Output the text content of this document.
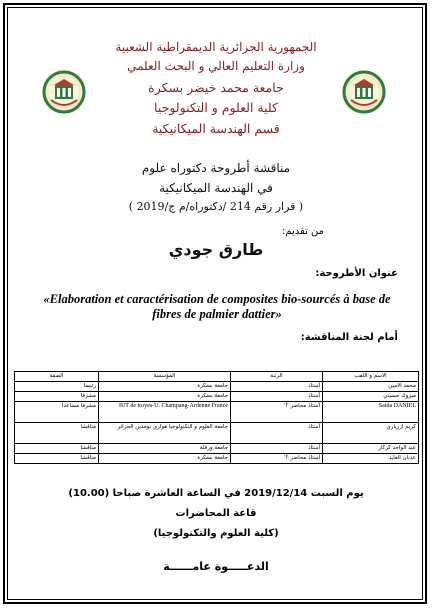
الجمهورية الجزائرية الديمقراطية الشعبية
وزارة التعليم العالي و البحث العلمي
جامعة محمد خيضر بسكرة
كلية العلوم و التكنولوجيا
قسم الهندسة الميكانيكية
مناقشة أطروحة دكتوراه علوم
في الهندسة الميكانيكية
( قرار رقم 214 /دكتوراه/م ج/2019 )
من تقديم:
طارق جودي
عنوان الأطروحة:
«Elaboration et caractérisation de composites bio-sourcés à base de fibres de palmier dattier»
أمام لجنة المناقشة:
الاسم و اللقب	الرتبة	المؤسسة	الصفة
محمد الامين	أستاذ	جامعة بسكرة	رئيسا
مبروك حسيني	أستاذ	جامعة بسكرة	مشرفا
Saida DANIEL	أستاذ محاضر 'أ'	IUT de troyes-U. Champang-Ardenne France	مشرفا مساعدا
كريم ازرياري	أستاذ	جامعة العلوم و التكنولوجيا هواري بومدين الجزائر	مناقشا
عبد الواحد كركار	أستاذ	جامعة ورقلة	مناقشا
عدنان العايد	أستاذ محاضر 'أ'	جامعة بسكرة	مناقشا
يوم السبت 2019/12/14 في الساعة العاشرة صباحا (10.00)
قاعة المحاضرات
(كلية العلوم والتكنولوجيا)
الدعـــــوة عامــــــة
